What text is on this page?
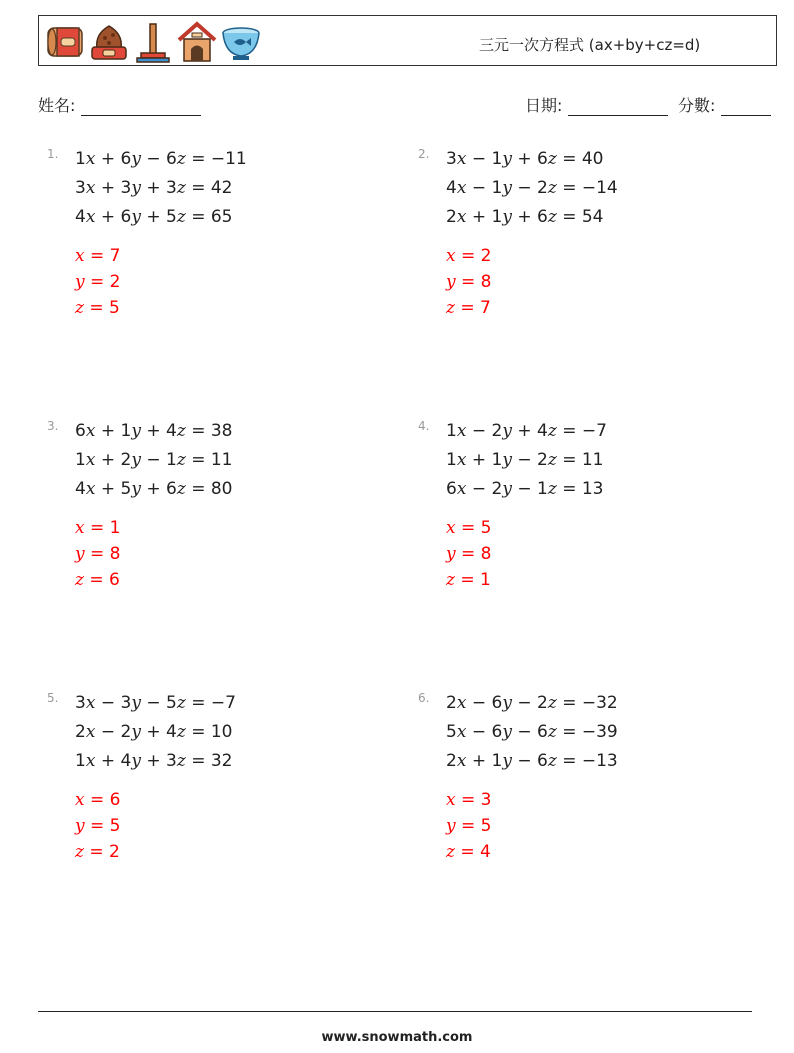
三元一次方程式 (ax+by+cz=d)
姓名:	日期:	分數:
1. 1x + 6y − 6z = −11
3x + 3y + 3z = 42
4x + 6y + 5z = 65
x = 7
y = 2
z = 5
2. 3x − 1y + 6z = 40
4x − 1y − 2z = −14
2x + 1y + 6z = 54
x = 2
y = 8
z = 7
3. 6x + 1y + 4z = 38
1x + 2y − 1z = 11
4x + 5y + 6z = 80
x = 1
y = 8
z = 6
4. 1x − 2y + 4z = −7
1x + 1y − 2z = 11
6x − 2y − 1z = 13
x = 5
y = 8
z = 1
5. 3x − 3y − 5z = −7
2x − 2y + 4z = 10
1x + 4y + 3z = 32
x = 6
y = 5
z = 2
6. 2x − 6y − 2z = −32
5x − 6y − 6z = −39
2x + 1y − 6z = −13
x = 3
y = 5
z = 4
www.snowmath.com
